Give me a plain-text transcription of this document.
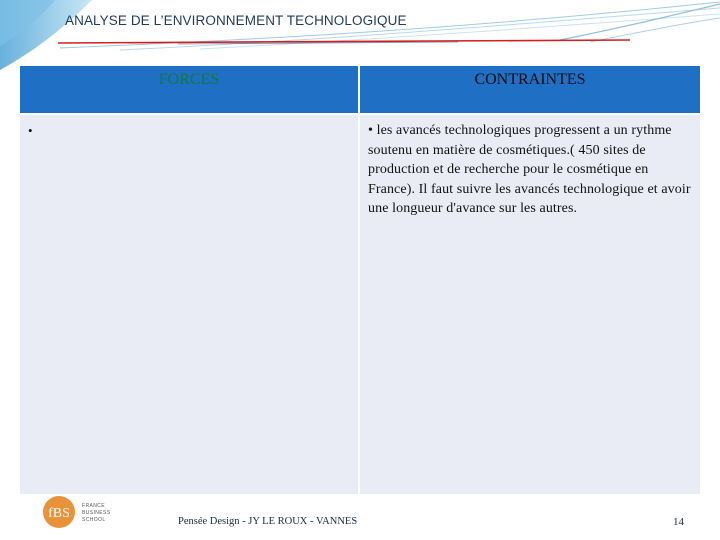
ANALYSE DE L’ENVIRONNEMENT TECHNOLOGIQUE
FORCES	CONTRAINTES
•	• les avancés technologiques progressent a un rythme soutenu en matière de cosmétiques.( 450 sites de production et de recherche pour le cosmétique en France). Il faut suivre les avancés technologique et avoir une longueur d'avance sur les autres.
fBS FRANCE
BUSINESS
SCHOOL	Pensée Design - JY LE ROUX - VANNES	14
